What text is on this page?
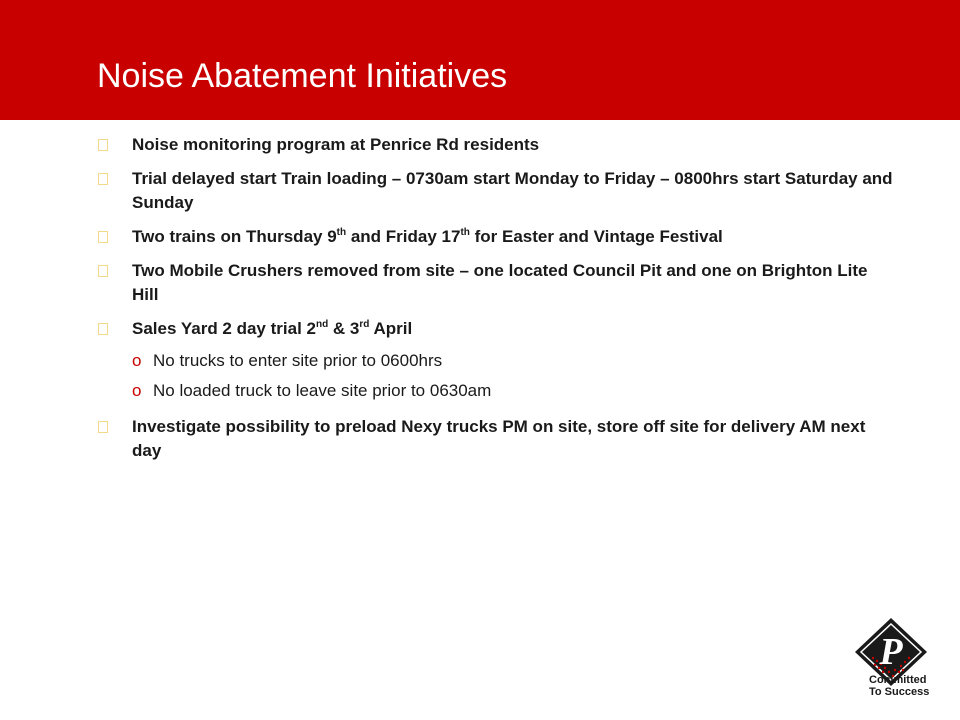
Noise Abatement Initiatives
Noise monitoring program at Penrice Rd residents
Trial delayed start Train loading – 0730am start Monday to Friday – 0800hrs start Saturday and Sunday
Two trains on Thursday 9th and Friday 17th for Easter and Vintage Festival
Two Mobile Crushers removed from site – one located Council Pit and one on Brighton Lite Hill
Sales Yard 2 day trial 2nd & 3rd April
o No trucks to enter site prior to 0600hrs
o No loaded truck to leave site prior to 0630am
Investigate possibility to preload Nexy trucks PM on site, store off site for delivery AM next day
P
Committed
To Success
